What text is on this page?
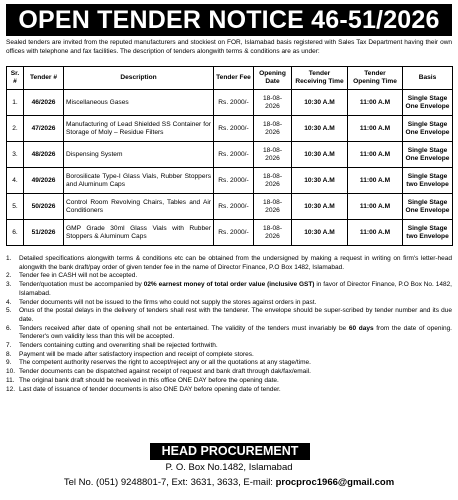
OPEN TENDER NOTICE 46-51/2026
Sealed tenders are invited from the reputed manufacturers and stockiest on FOR, Islamabad basis registered with Sales Tax Department having their own offices with telephone and fax facilities. The description of tenders alongwith terms & conditions are as under:
Sr. #	Tender #	Description	Tender Fee	Opening Date	Tender Receiving Time	Tender Opening Time	Basis
1.	46/2026	Miscellaneous Gases	Rs. 2000/-	18-08-2026	10:30 A.M	11:00 A.M	Single Stage One Envelope
2.	47/2026	Manufacturing of Lead Shielded SS Container for Storage of Moly – Residue Filters	Rs. 2000/-	18-08-2026	10:30 A.M	11:00 A.M	Single Stage One Envelope
3.	48/2026	Dispensing System	Rs. 2000/-	18-08-2026	10:30 A.M	11:00 A.M	Single Stage One Envelope
4.	49/2026	Borosilicate Type-I Glass Vials, Rubber Stoppers and Aluminum Caps	Rs. 2000/-	18-08-2026	10:30 A.M	11:00 A.M	Single Stage two Envelope
5.	50/2026	Control Room Revolving Chairs, Tables and Air Conditioners	Rs. 2000/-	18-08-2026	10:30 A.M	11:00 A.M	Single Stage One Envelope
6.	51/2026	GMP Grade 30ml Glass Vials with Rubber Stoppers & Aluminum Caps	Rs. 2000/-	18-08-2026	10:30 A.M	11:00 A.M	Single Stage two Envelope
1. Detailed specifications alongwith terms & conditions etc can be obtained from the undersigned by making a request in writing on firm's letter-head alongwith the bank draft/pay order of given tender fee in the name of Director Finance, P.O Box 1482, Islamabad.
2. Tender fee in CASH will not be accepted.
3. Tender/quotation must be accompanied by 02% earnest money of total order value (inclusive GST) in favor of Director Finance, P.O Box No. 1482, Islamabad.
4. Tender documents will not be issued to the firms who could not supply the stores against orders in past.
5. Onus of the postal delays in the delivery of tenders shall rest with the tenderer. The envelope should be super-scribed by tender number and its due date.
6. Tenders received after date of opening shall not be entertained. The validity of the tenders must invariably be 60 days from the date of opening. Tenderer's own validity less than this will be accepted.
7. Tenders containing cutting and overwriting shall be rejected forthwith.
8. Payment will be made after satisfactory inspection and receipt of complete stores.
9. The competent authority reserves the right to accept/reject any or all the quotations at any stage/time.
10. Tender documents can be dispatched against receipt of request and bank draft through dak/fax/email.
11. The original bank draft should be received in this office ONE DAY before the opening date.
12. Last date of issuance of tender documents is also ONE DAY before opening date of tender.
HEAD PROCUREMENT
P. O. Box No.1482, Islamabad
Tel No. (051) 9248801-7, Ext: 3631, 3633, E-mail: procproc1966@gmail.com
